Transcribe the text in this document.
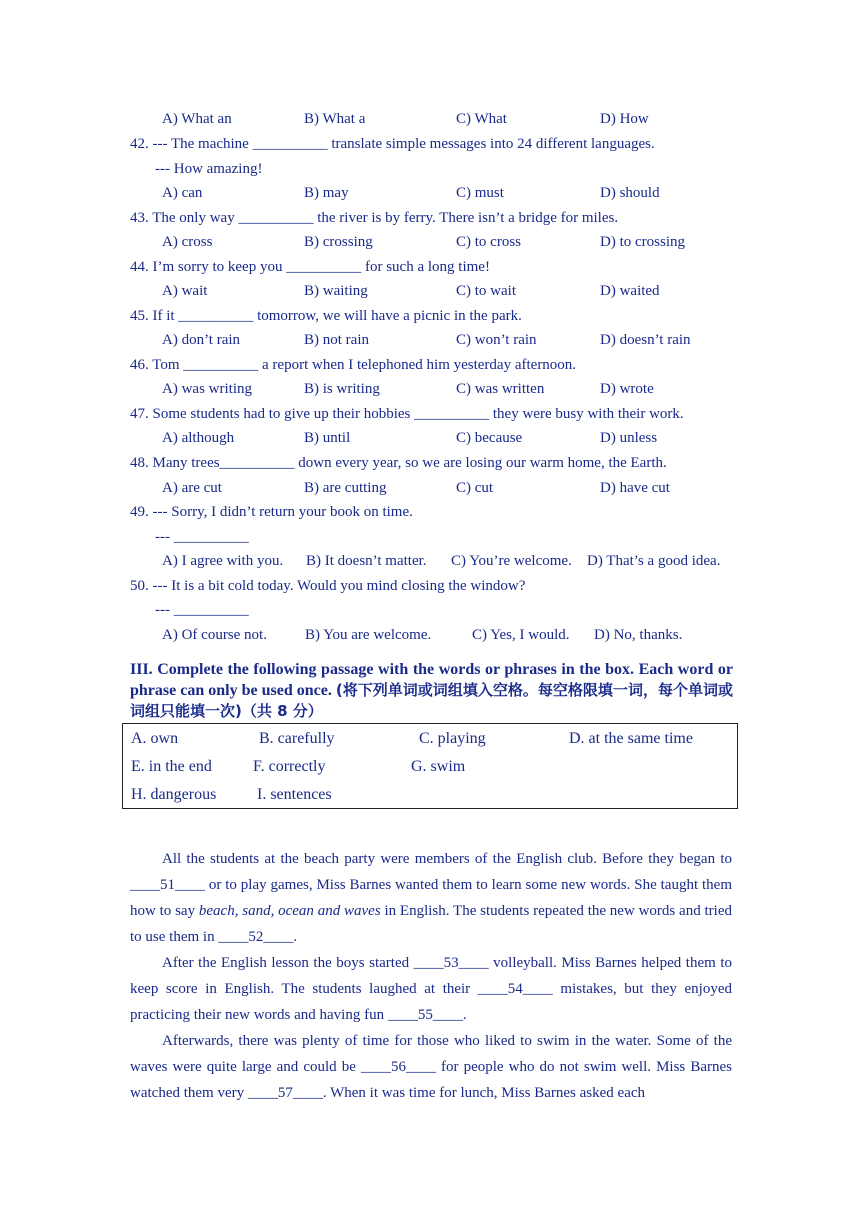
A) What an	B) What a	C) What	D) How
42. --- The machine __________ translate simple messages into 24 different languages.
--- How amazing!
A) can	B) may	C) must	D) should
43. The only way __________ the river is by ferry. There isn’t a bridge for miles.
A) cross	B) crossing	C) to cross	D) to crossing
44. I’m sorry to keep you __________ for such a long time!
A) wait	B) waiting	C) to wait	D) waited
45. If it __________ tomorrow, we will have a picnic in the park.
A) don’t rain	B) not rain	C) won’t rain	D) doesn’t rain
46. Tom __________ a report when I telephoned him yesterday afternoon.
A) was writing	B) is writing	C) was written	D) wrote
47. Some students had to give up their hobbies __________ they were busy with their work.
A) although	B) until	C) because	D) unless
48. Many trees__________ down every year, so we are losing our warm home, the Earth.
A) are cut	B) are cutting	C) cut	D) have cut
49. --- Sorry, I didn’t return your book on time.
--- __________
A) I agree with you. B) It doesn’t matter. C) You’re welcome. D) That’s a good idea.
50. --- It is a bit cold today. Would you mind closing the window?
--- __________
A) Of course not.	B) You are welcome.	C) Yes, I would. D) No, thanks.
III. Complete the following passage with the words or phrases in the box. Each word or phrase can only be used once. (将下列单词或词组填入空格。每空格限填一词，每个单词或词组只能填一次)（共 8 分）
A. own	B. carefully	C. playing	D. at the same time
E. in the end	F. correctly	G. swim
H. dangerous	I. sentences

All the students at the beach party were members of the English club. Before they began to ____51____ or to play games, Miss Barnes wanted them to learn some new words. She taught them how to say beach, sand, ocean and waves in English. The students repeated the new words and tried to use them in ____52____.

After the English lesson the boys started ____53____ volleyball. Miss Barnes helped them to keep score in English. The students laughed at their ____54____ mistakes, but they enjoyed practicing their new words and having fun ____55____.

Afterwards, there was plenty of time for those who liked to swim in the water. Some of the waves were quite large and could be ____56____ for people who do not swim well. Miss Barnes watched them very ____57____. When it was time for lunch, Miss Barnes asked each
